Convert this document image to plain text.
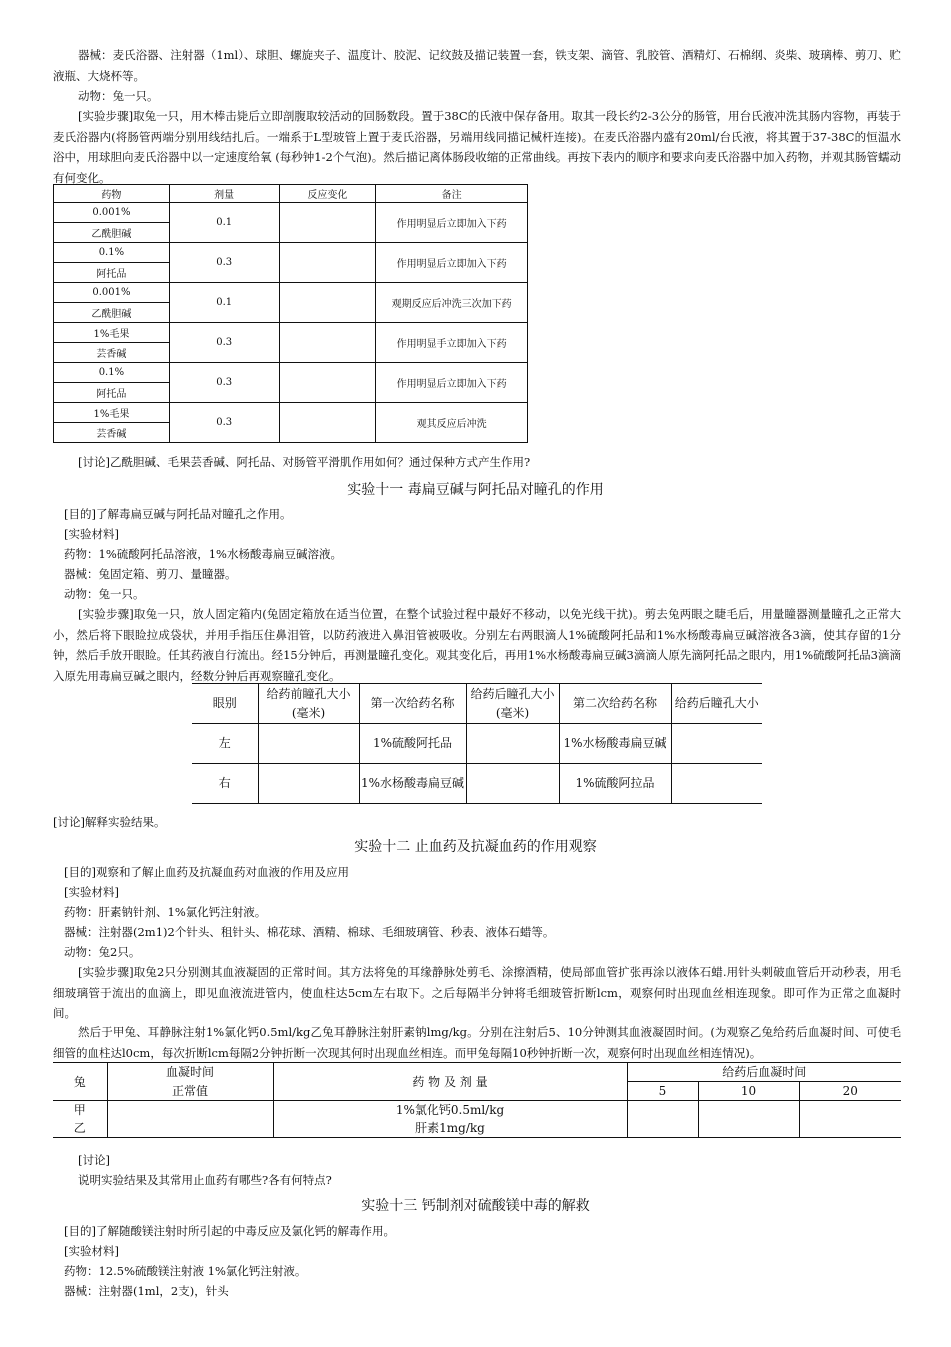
器械：麦氏浴器、注射器（1ml）、球胆、螺旋夹子、温度计、胶泥、记纹鼓及描记装置一套，铁支架、滴管、乳胶管、酒精灯、石棉纲、炎柴、玻璃棒、剪刀、贮液瓶、大烧杯等。
动物：兔一只。
[实验步骤]取兔一只，用木棒击毙后立即剖腹取较活动的回肠数段。置于38C的氏液中保存备用。取其一段长约2-3公分的肠管，用台氏液冲洗其肠内容物，再装于麦氏浴器内(将肠管两端分别用线结扎后。一端系于L型玻管上置于麦氏浴器，另端用线同描记械杆连接)。在麦氏浴器内盛有20ml/台氏液，将其置于37-38C的恒温水浴中，用球胆向麦氏浴器中以一定速度给氧 (每秒钟1-2个气泡)。然后描记离体肠段收缩的正常曲线。再按下表内的顺序和要求向麦氏浴器中加入药物，并观其肠管蠕动有何变化。
药物	剂量	反应变化	备注
0.001%	0.1		作用明显后立即加入下药
乙酰胆碱			
0.1%	0.3		作用明显后立即加入下药
阿托品			
0.001%	0.1		观期反应后冲洗三次加下药
乙酰胆碱			
1%毛果	0.3		作用明显手立即加入下药
芸香碱			
0.1%	0.3		作用明显后立即加入下药
阿托品			
1%毛果	0.3		观其反应后冲洗
芸香碱			
[讨论]乙酰胆碱、毛果芸香碱、阿托品、对肠管平滑肌作用如何？通过保种方式产生作用?
实验十一 毒扁豆碱与阿托品对瞳孔的作用
[目的]了解毒扁豆碱与阿托品对瞳孔之作用。
[实验材料]
药物：1%硫酸阿托品溶液，1%水杨酸毒扁豆碱溶液。
器械：兔固定箱、剪刀、量瞳器。
动物：兔一只。
[实验步骤]取兔一只，放人固定箱内(兔固定箱放在适当位置，在整个试验过程中最好不移动，以免光线干扰)。剪去兔两眼之睫毛后，用量瞳器测量瞳孔之正常大小，然后将下眼睑拉成袋状，并用手指压住鼻泪管，以防药液进入鼻泪管被吸收。分别左右两眼滴人1%硫酸阿托品和1%水杨酸毒扁豆碱溶液各3滴，使其存留的1分钟，然后手放开眼睑。任其药液自行流出。经15分钟后，再测量瞳孔变化。观其变化后，再用1%水杨酸毒扁豆碱3滴滴人原先滴阿托品之眼内，用1%硫酸阿托品3滴滴入原先用毒扁豆碱之眼内，经数分钟后再观察瞳孔变化。
眼别	给药前瞳孔大小(毫米)	第一次给药名称	给药后瞳孔大小(毫米)	第二次给药名称	给药后瞳孔大小
左		1%硫酸阿托品		1%水杨酸毒扁豆碱	
右		1%水杨酸毒扁豆碱		1%硫酸阿拉品	
[讨论]解释实验结果。
实验十二 止血药及抗凝血药的作用观察
[目的]观察和了解止血药及抗凝血药对血液的作用及应用
[实验材料]
药物：肝素钠针剂、1%氯化钙注射液。
器械：注射器(2m1)2个针头、租针头、棉花球、酒精、棉球、毛细玻璃管、秒表、液体石蜡等。
动物：兔2只。
[实验步骤]取兔2只分别测其血液凝固的正常时间。其方法将兔的耳缘静脉处剪毛、涂擦酒精，使局部血管扩张再涂以液体石蜡.用针头刺破血管后开动秒表，用毛细玻璃管于流出的血滴上，即见血液流进管内，使血柱达5cm左右取下。之后每隔半分钟将毛细玻管折断lcm，观察何时出现血丝相连现象。即可作为正常之血凝时间。
然后于甲兔、耳静脉注射1%氯化钙0.5ml/kg乙兔耳静脉注射肝素钠lmg/kg。分别在注射后5、10分钟测其血液凝固时间。(为观察乙兔给药后血凝时间、可使毛细管的血柱达l0cm，每次折断lcm每隔2分钟折断一次现其何时出现血丝相连。而甲兔每隔10秒钟折断一次，观察何时出现血丝相连情况)。
兔	血凝时间	药 物 及 剂 量	给药后血凝时间		
	正常值		5	10	20
甲		1%氯化钙0.5ml/kg			
乙		肝素1mg/kg			
[讨论]
说明实验结果及其常用止血药有哪些?各有何特点?
实验十三 钙制剂对硫酸镁中毒的解救
[目的]了解随酸镁注射时所引起的中毒反应及氯化钙的解毒作用。
[实验材料]
药物：12.5%硫酸镁注射液 1%氯化钙注射液。
器械：注射器(1ml，2支)，针头
